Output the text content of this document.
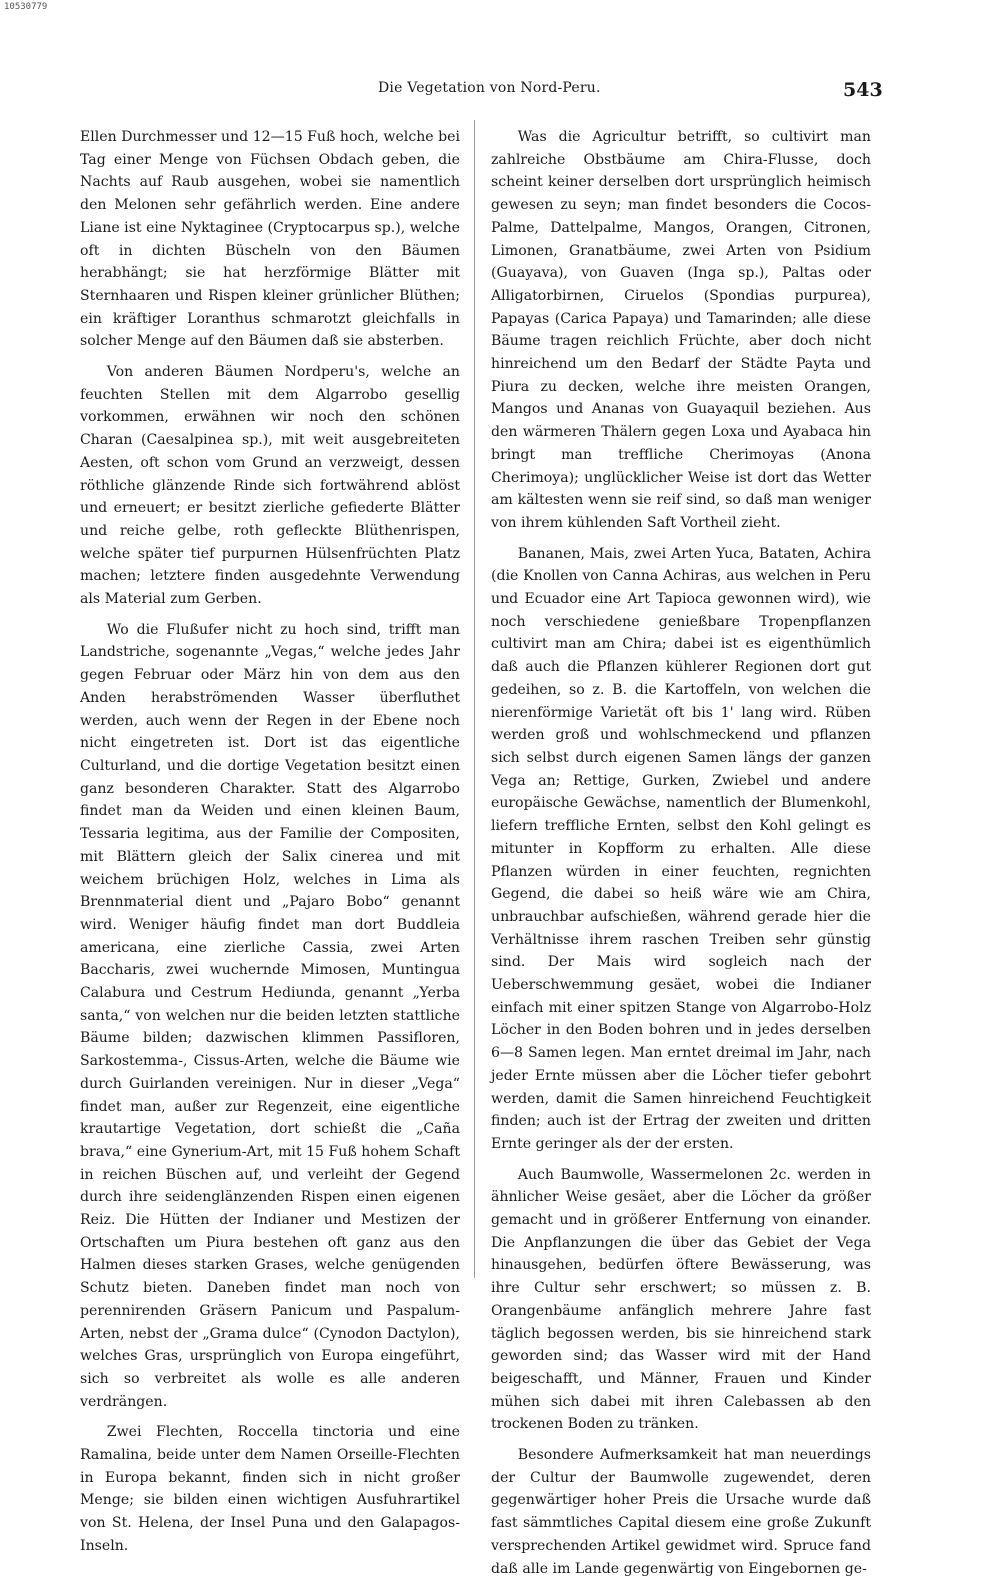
10530779
Die Vegetation von Nord-Peru.	543

Ellen Durchmesser und 12—15 Fuß hoch, welche bei Tag einer Menge von Füchsen Obdach geben, die Nachts auf Raub ausgehen, wobei sie namentlich den Melonen sehr gefährlich werden. Eine andere Liane ist eine Nyktaginee (Cryptocarpus sp.), welche oft in dichten Büscheln von den Bäumen herabhängt; sie hat herzförmige Blätter mit Sternhaaren und Rispen kleiner grünlicher Blüthen; ein kräftiger Loranthus schmarotzt gleichfalls in solcher Menge auf den Bäumen daß sie absterben.

Von anderen Bäumen Nordperu's, welche an feuchten Stellen mit dem Algarrobo gesellig vorkommen, erwähnen wir noch den schönen Charan (Caesalpinea sp.), mit weit ausgebreiteten Aesten, oft schon vom Grund an verzweigt, dessen röthliche glänzende Rinde sich fortwährend ablöst und erneuert; er besitzt zierliche gefiederte Blätter und reiche gelbe, roth gefleckte Blüthenrispen, welche später tief purpurnen Hülsenfrüchten Platz machen; letztere finden ausgedehnte Verwendung als Material zum Gerben.

Wo die Flußufer nicht zu hoch sind, trifft man Landstriche, sogenannte „Vegas,“ welche jedes Jahr gegen Februar oder März hin von dem aus den Anden herabströmenden Wasser überfluthet werden, auch wenn der Regen in der Ebene noch nicht eingetreten ist. Dort ist das eigentliche Culturland, und die dortige Vegetation besitzt einen ganz besonderen Charakter. Statt des Algarrobo findet man da Weiden und einen kleinen Baum, Tessaria legitima, aus der Familie der Compositen, mit Blättern gleich der Salix cinerea und mit weichem brüchigen Holz, welches in Lima als Brennmaterial dient und „Pajaro Bobo“ genannt wird. Weniger häufig findet man dort Buddleia americana, eine zierliche Cassia, zwei Arten Baccharis, zwei wuchernde Mimosen, Muntingua Calabura und Cestrum Hediunda, genannt „Yerba santa,“ von welchen nur die beiden letzten stattliche Bäume bilden; dazwischen klimmen Passifloren, Sarkostemma-, Cissus-Arten, welche die Bäume wie durch Guirlanden vereinigen. Nur in dieser „Vega“ findet man, außer zur Regenzeit, eine eigentliche krautartige Vegetation, dort schießt die „Caña brava,“ eine Gynerium-Art, mit 15 Fuß hohem Schaft in reichen Büschen auf, und verleiht der Gegend durch ihre seidenglänzenden Rispen einen eigenen Reiz. Die Hütten der Indianer und Mestizen der Ortschaften um Piura bestehen oft ganz aus den Halmen dieses starken Grases, welche genügenden Schutz bieten. Daneben findet man noch von perennirenden Gräsern Panicum und Paspalum-Arten, nebst der „Grama dulce“ (Cynodon Dactylon), welches Gras, ursprünglich von Europa eingeführt, sich so verbreitet als wolle es alle anderen verdrängen.

Zwei Flechten, Roccella tinctoria und eine Ramalina, beide unter dem Namen Orseille-Flechten in Europa bekannt, finden sich in nicht großer Menge; sie bilden einen wichtigen Ausfuhrartikel von St. Helena, der Insel Puna und den Galapagos-Inseln.

Was die Agricultur betrifft, so cultivirt man zahlreiche Obstbäume am Chira-Flusse, doch scheint keiner derselben dort ursprünglich heimisch gewesen zu seyn; man findet besonders die Cocos-Palme, Dattelpalme, Mangos, Orangen, Citronen, Limonen, Granatbäume, zwei Arten von Psidium (Guayava), von Guaven (Inga sp.), Paltas oder Alligatorbirnen, Ciruelos (Spondias purpurea), Papayas (Carica Papaya) und Tamarinden; alle diese Bäume tragen reichlich Früchte, aber doch nicht hinreichend um den Bedarf der Städte Payta und Piura zu decken, welche ihre meisten Orangen, Mangos und Ananas von Guayaquil beziehen. Aus den wärmeren Thälern gegen Loxa und Ayabaca hin bringt man treffliche Cherimoyas (Anona Cherimoya); unglücklicher Weise ist dort das Wetter am kältesten wenn sie reif sind, so daß man weniger von ihrem kühlenden Saft Vortheil zieht.

Bananen, Mais, zwei Arten Yuca, Bataten, Achira (die Knollen von Canna Achiras, aus welchen in Peru und Ecuador eine Art Tapioca gewonnen wird), wie noch verschiedene genießbare Tropenpflanzen cultivirt man am Chira; dabei ist es eigenthümlich daß auch die Pflanzen kühlerer Regionen dort gut gedeihen, so z. B. die Kartoffeln, von welchen die nierenförmige Varietät oft bis 1' lang wird. Rüben werden groß und wohlschmeckend und pflanzen sich selbst durch eigenen Samen längs der ganzen Vega an; Rettige, Gurken, Zwiebel und andere europäische Gewächse, namentlich der Blumenkohl, liefern treffliche Ernten, selbst den Kohl gelingt es mitunter in Kopfform zu erhalten. Alle diese Pflanzen würden in einer feuchten, regnichten Gegend, die dabei so heiß wäre wie am Chira, unbrauchbar aufschießen, während gerade hier die Verhältnisse ihrem raschen Treiben sehr günstig sind. Der Mais wird sogleich nach der Ueberschwemmung gesäet, wobei die Indianer einfach mit einer spitzen Stange von Algarrobo-Holz Löcher in den Boden bohren und in jedes derselben 6—8 Samen legen. Man erntet dreimal im Jahr, nach jeder Ernte müssen aber die Löcher tiefer gebohrt werden, damit die Samen hinreichend Feuchtigkeit finden; auch ist der Ertrag der zweiten und dritten Ernte geringer als der der ersten.

Auch Baumwolle, Wassermelonen 2c. werden in ähnlicher Weise gesäet, aber die Löcher da größer gemacht und in größerer Entfernung von einander. Die Anpflanzungen die über das Gebiet der Vega hinausgehen, bedürfen öftere Bewässerung, was ihre Cultur sehr erschwert; so müssen z. B. Orangenbäume anfänglich mehrere Jahre fast täglich begossen werden, bis sie hinreichend stark geworden sind; das Wasser wird mit der Hand beigeschafft, und Männer, Frauen und Kinder mühen sich dabei mit ihren Calebassen ab den trockenen Boden zu tränken.

Besondere Aufmerksamkeit hat man neuerdings der Cultur der Baumwolle zugewendet, deren gegenwärtiger hoher Preis die Ursache wurde daß fast sämmtliches Capital diesem eine große Zukunft versprechenden Artikel gewidmet wird. Spruce fand daß alle im Lande gegenwärtig von Eingebornen ge-
